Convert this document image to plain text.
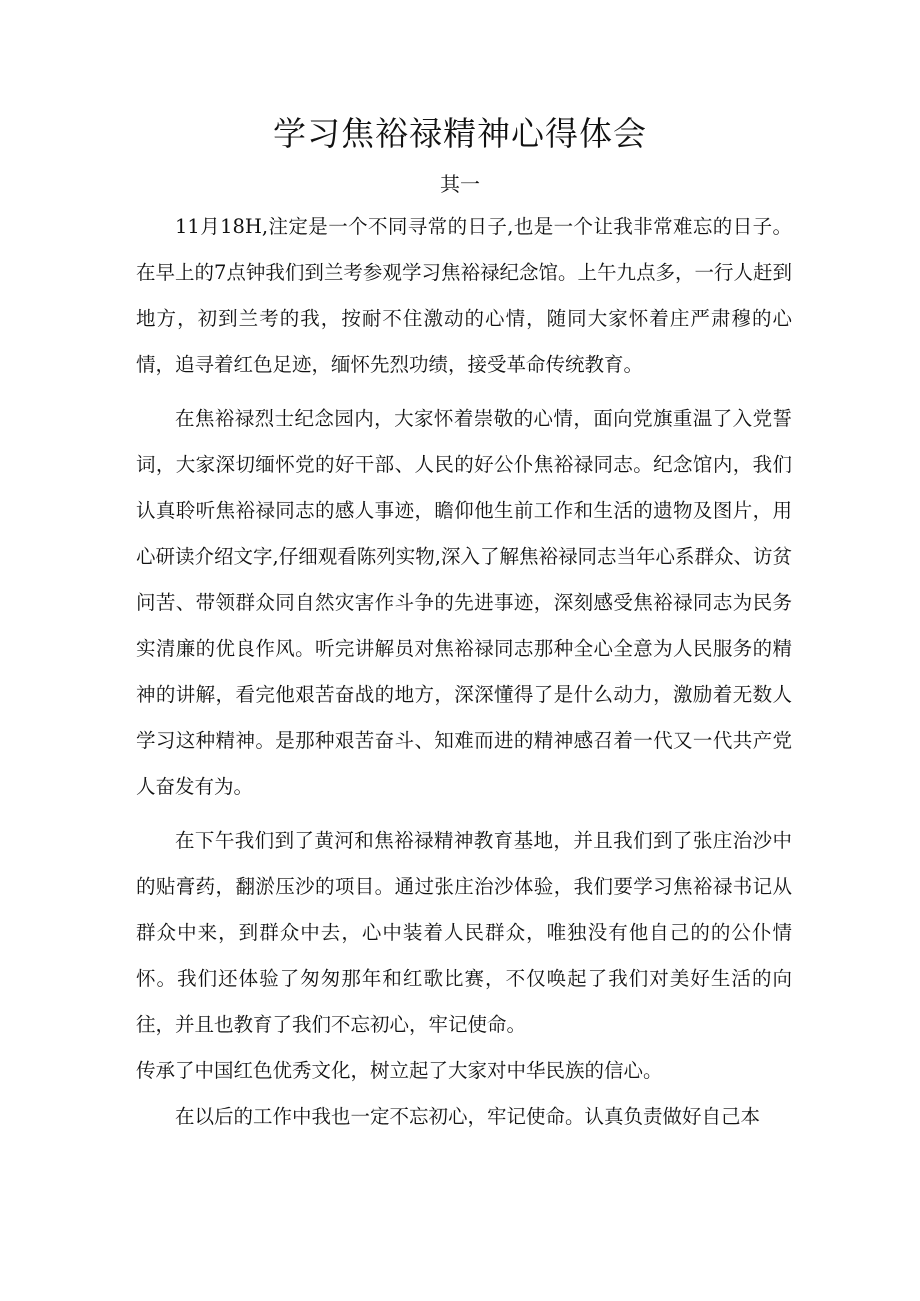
学习焦裕禄精神心得体会
其一

11月18H,注定是一个不同寻常的日子,也是一个让我非常难忘的日子。在早上的7点钟我们到兰考参观学习焦裕禄纪念馆。上午九点多，一行人赶到地方，初到兰考的我，按耐不住激动的心情，随同大家怀着庄严肃穆的心情，追寻着红色足迹，缅怀先烈功绩，接受革命传统教育。

在焦裕禄烈士纪念园内，大家怀着崇敬的心情，面向党旗重温了入党誓词，大家深切缅怀党的好干部、人民的好公仆焦裕禄同志。纪念馆内，我们认真聆听焦裕禄同志的感人事迹，瞻仰他生前工作和生活的遗物及图片，用心研读介绍文字,仔细观看陈列实物,深入了解焦裕禄同志当年心系群众、访贫问苦、带领群众同自然灾害作斗争的先进事迹，深刻感受焦裕禄同志为民务实清廉的优良作风。听完讲解员对焦裕禄同志那种全心全意为人民服务的精神的讲解，看完他艰苦奋战的地方，深深懂得了是什么动力，激励着无数人学习这种精神。是那种艰苦奋斗、知难而进的精神感召着一代又一代共产党人奋发有为。

在下午我们到了黄河和焦裕禄精神教育基地，并且我们到了张庄治沙中的贴膏药，翻淤压沙的项目。通过张庄治沙体验，我们要学习焦裕禄书记从群众中来，到群众中去，心中装着人民群众，唯独没有他自己的的公仆情怀。我们还体验了匆匆那年和红歌比赛，不仅唤起了我们对美好生活的向往，并且也教育了我们不忘初心，牢记使命。

传承了中国红色优秀文化，树立起了大家对中华民族的信心。

在以后的工作中我也一定不忘初心，牢记使命。认真负责做好自己本
